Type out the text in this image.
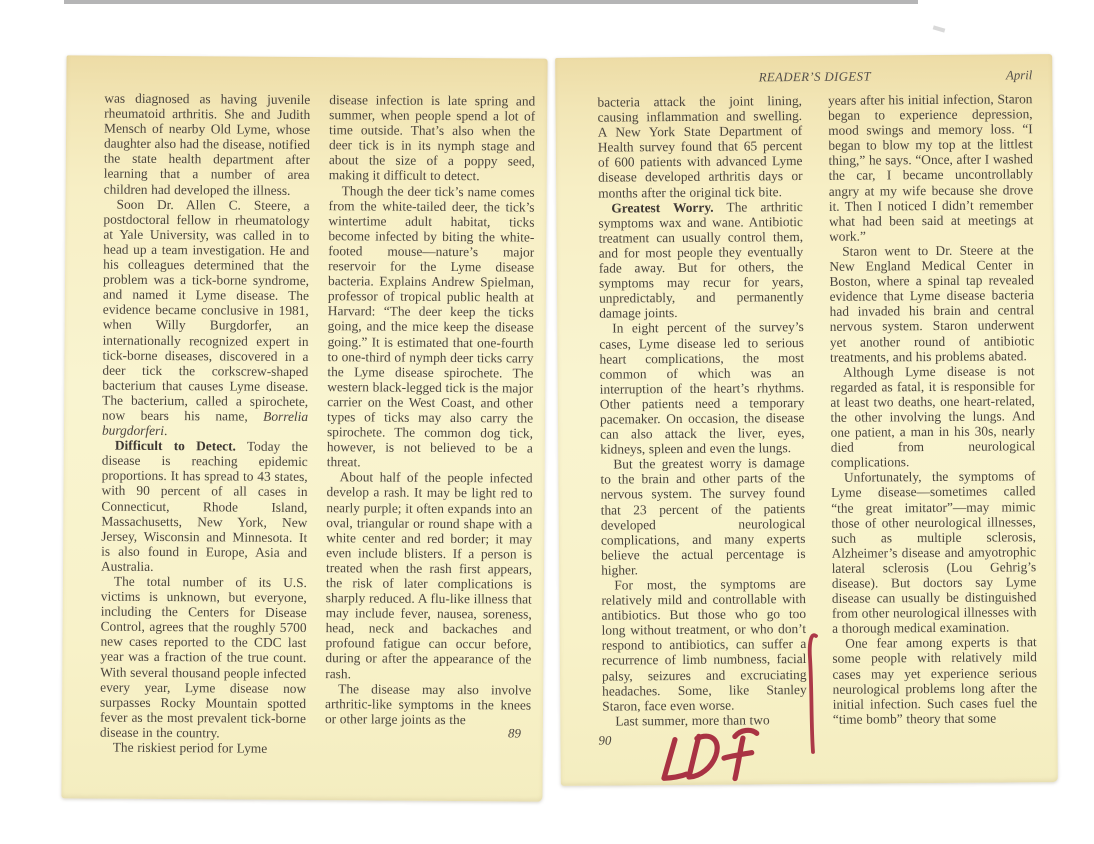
was diagnosed as having juvenile rheumatoid arthritis. She and Judith Mensch of nearby Old Lyme, whose daughter also had the disease, notified the state health department after learning that a number of area children had developed the illness.

Soon Dr. Allen C. Steere, a postdoctoral fellow in rheumatology at Yale University, was called in to head up a team investigation. He and his colleagues determined that the problem was a tick-borne syndrome, and named it Lyme disease. The evidence became conclusive in 1981, when Willy Burgdorfer, an internationally recognized expert in tick-borne diseases, discovered in a deer tick the corkscrew-shaped bacterium that causes Lyme disease. The bacterium, called a spirochete, now bears his name, Borrelia burgdorferi.

Difficult to Detect. Today the disease is reaching epidemic proportions. It has spread to 43 states, with 90 percent of all cases in Connecticut, Rhode Island, Massachusetts, New York, New Jersey, Wisconsin and Minnesota. It is also found in Europe, Asia and Australia.

The total number of its U.S. victims is unknown, but everyone, including the Centers for Disease Control, agrees that the roughly 5700 new cases reported to the CDC last year was a fraction of the true count. With several thousand people infected every year, Lyme disease now surpasses Rocky Mountain spotted fever as the most prevalent tick-borne disease in the country.

The riskiest period for Lyme

disease infection is late spring and summer, when people spend a lot of time outside. That’s also when the deer tick is in its nymph stage and about the size of a poppy seed, making it difficult to detect.

Though the deer tick’s name comes from the white-tailed deer, the tick’s wintertime adult habitat, ticks become infected by biting the white-footed mouse—nature’s major reservoir for the Lyme disease bacteria. Explains Andrew Spielman, professor of tropical public health at Harvard: “The deer keep the ticks going, and the mice keep the disease going.” It is estimated that one-fourth to one-third of nymph deer ticks carry the Lyme disease spirochete. The western black-legged tick is the major carrier on the West Coast, and other types of ticks may also carry the spirochete. The common dog tick, however, is not believed to be a threat.

About half of the people infected develop a rash. It may be light red to nearly purple; it often expands into an oval, triangular or round shape with a white center and red border; it may even include blisters. If a person is treated when the rash first appears, the risk of later complications is sharply reduced. A flu-like illness that may include fever, nausea, soreness, head, neck and backaches and profound fatigue can occur before, during or after the appearance of the rash.

The disease may also involve arthritic-like symptoms in the knees or other large joints as the

89
READER’S DIGEST	April

bacteria attack the joint lining, causing inflammation and swelling. A New York State Department of Health survey found that 65 percent of 600 patients with advanced Lyme disease developed arthritis days or months after the original tick bite.

Greatest Worry. The arthritic symptoms wax and wane. Antibiotic treatment can usually control them, and for most people they eventually fade away. But for others, the symptoms may recur for years, unpredictably, and permanently damage joints.

In eight percent of the survey’s cases, Lyme disease led to serious heart complications, the most common of which was an interruption of the heart’s rhythms. Other patients need a temporary pacemaker. On occasion, the disease can also attack the liver, eyes, kidneys, spleen and even the lungs.

But the greatest worry is damage to the brain and other parts of the nervous system. The survey found that 23 percent of the patients developed neurological complications, and many experts believe the actual percentage is higher.

For most, the symptoms are relatively mild and controllable with antibiotics. But those who go too long without treatment, or who don’t respond to antibiotics, can suffer a recurrence of limb numbness, facial palsy, seizures and excruciating headaches. Some, like Stanley Staron, face even worse.

Last summer, more than two

years after his initial infection, Staron began to experience depression, mood swings and memory loss. “I began to blow my top at the littlest thing,” he says. “Once, after I washed the car, I became uncontrollably angry at my wife because she drove it. Then I noticed I didn’t remember what had been said at meetings at work.”

Staron went to Dr. Steere at the New England Medical Center in Boston, where a spinal tap revealed evidence that Lyme disease bacteria had invaded his brain and central nervous system. Staron underwent yet another round of antibiotic treatments, and his problems abated.

Although Lyme disease is not regarded as fatal, it is responsible for at least two deaths, one heart-related, the other involving the lungs. And one patient, a man in his 30s, nearly died from neurological complications.

Unfortunately, the symptoms of Lyme disease—sometimes called “the great imitator”—may mimic those of other neurological illnesses, such as multiple sclerosis, Alzheimer’s disease and amyotrophic lateral sclerosis (Lou Gehrig’s disease). But doctors say Lyme disease can usually be distinguished from other neurological illnesses with a thorough medical examination.

One fear among experts is that some people with relatively mild cases may yet experience serious neurological problems long after the initial infection. Such cases fuel the “time bomb” theory that some

90
